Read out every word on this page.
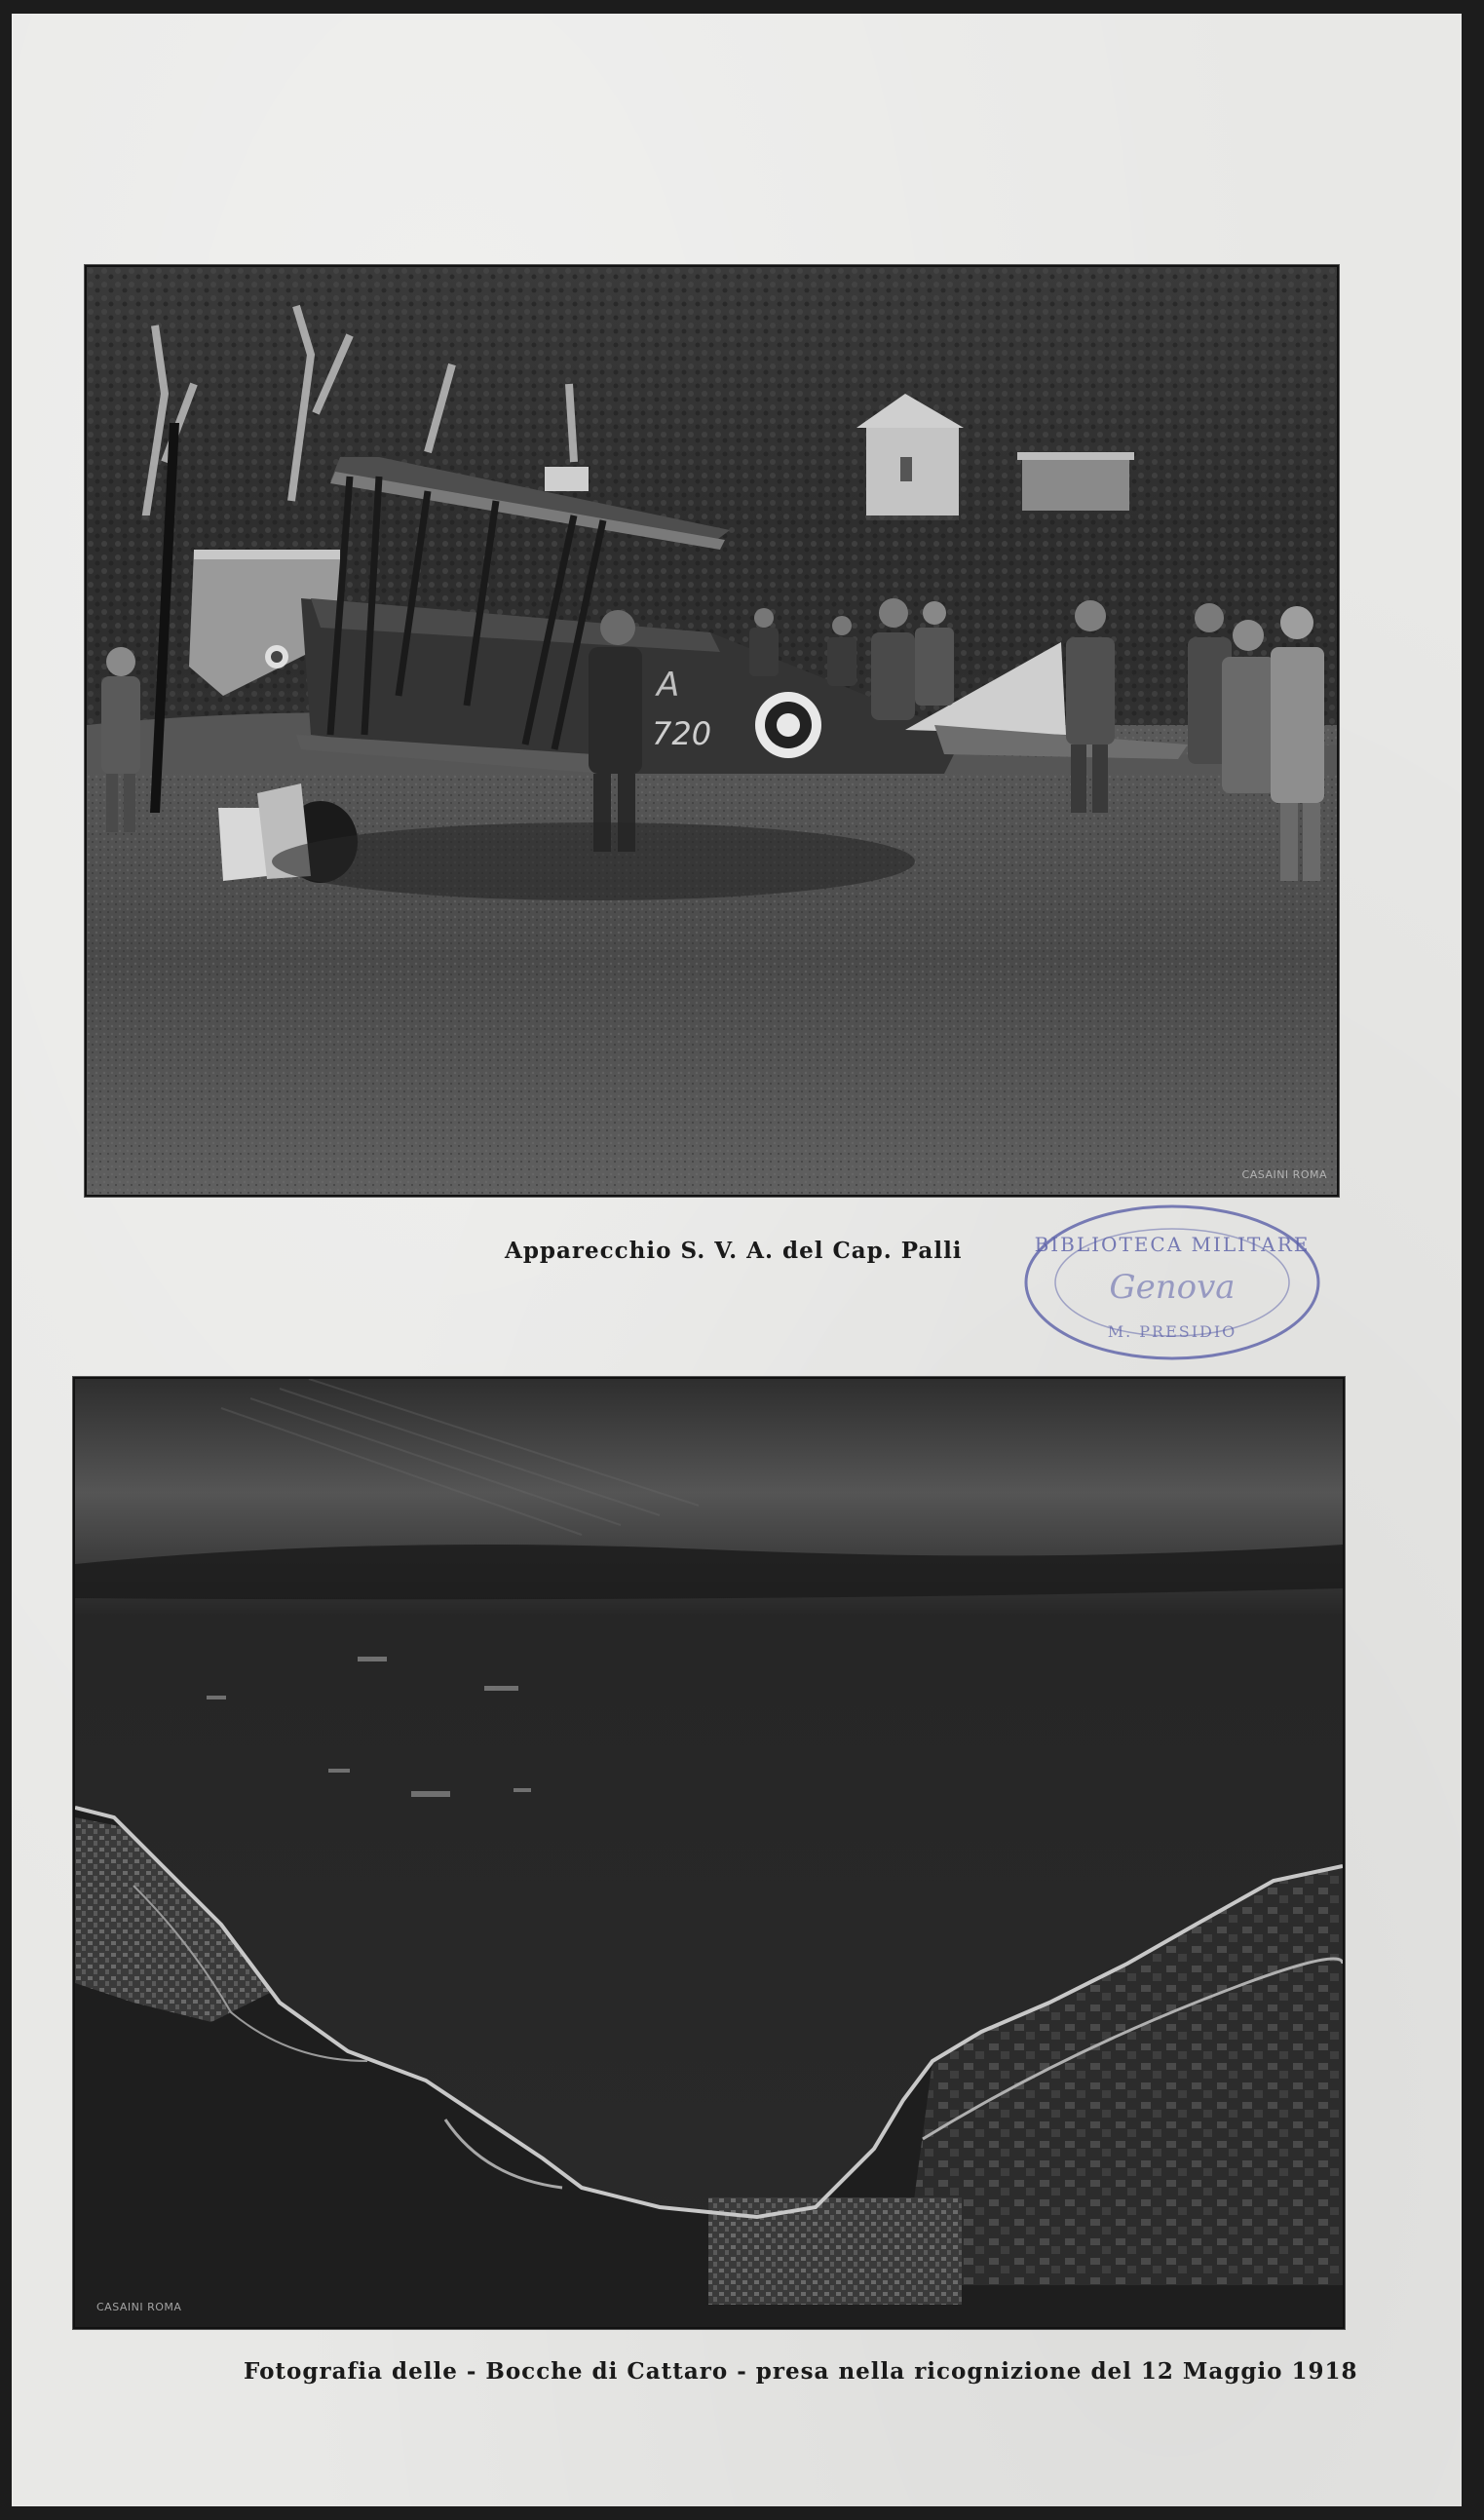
720
A
CASAINI ROMA
Apparecchio S. V. A. del Cap. Palli	BIBLIOTECA MILITARE
Genova
M. PRESIDIO
CASAINI ROMA
Fotografia delle - Bocche di Cattaro - presa nella ricognizione del 12 Maggio 1918
